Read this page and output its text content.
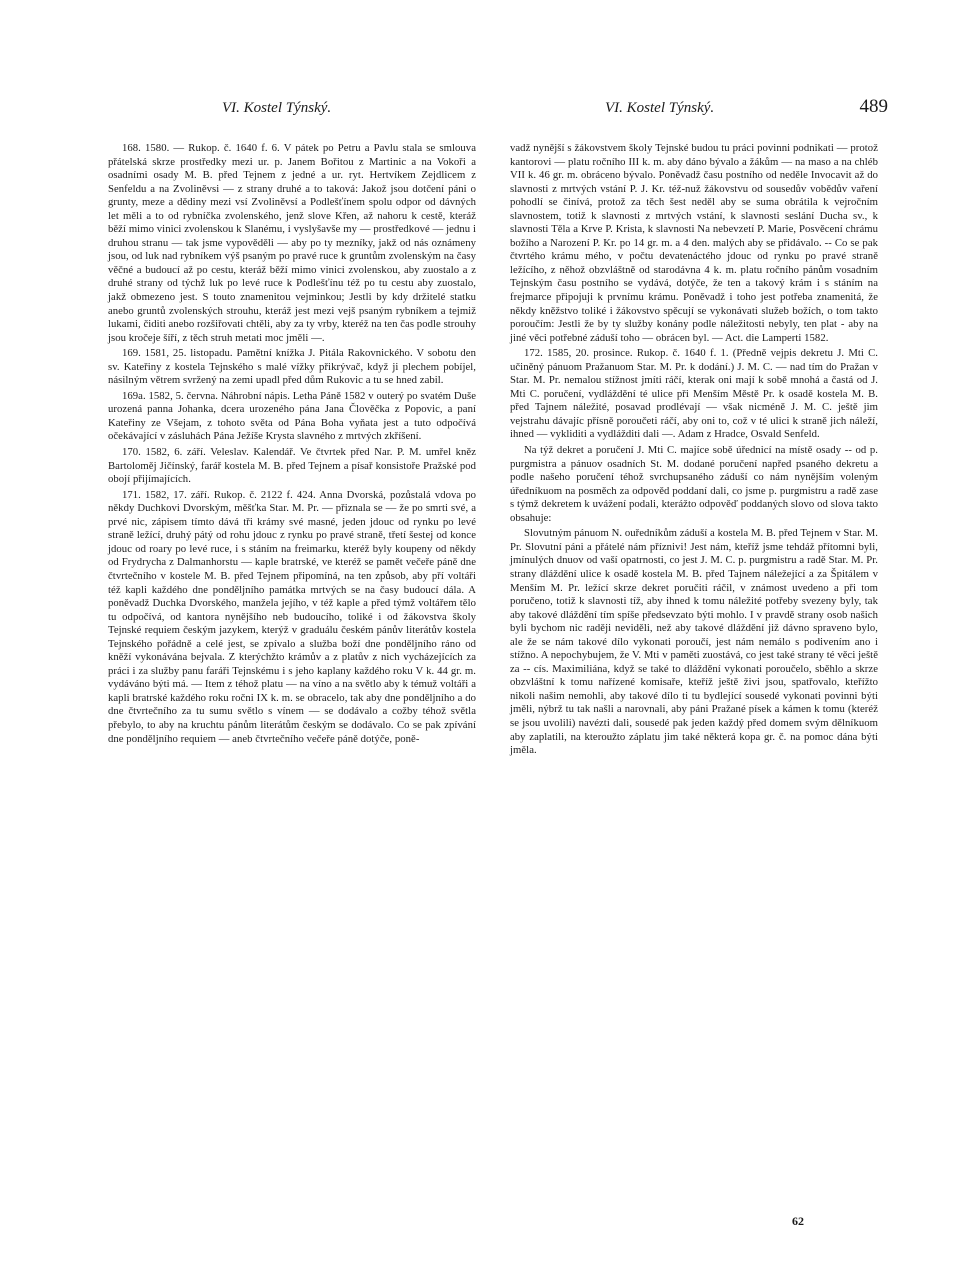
VI. Kostel Týnský.	VI. Kostel Týnský.	489

168. 1580. — Rukop. č. 1640 f. 6. V pátek po Petru a Pavlu stala se smlouva přátelská skrze prostředky mezi ur. p. Janem Bořitou z Martinic a na Vokoři a osadními osady M. B. před Tejnem z jedné a ur. ryt. Hertvíkem Zejdlicem z Senfeldu a na Zvoliněvsi — z strany druhé a to taková: Jakož jsou dotčení páni o grunty, meze a dědiny mezi vsí Zvoliněvsí a Podlešťínem spolu odpor od dávných let měli a to od rybníčka zvolenského, jenž slove Křen, až nahoru k cestě, kteráž běží mimo vinici zvolenskou k Slanému, i vyslyšavše my — prostředkové — jednu i druhou stranu — tak jsme vypověděli — aby po ty mezníky, jakž od nás oznámeny jsou, od luk nad rybníkem výš psaným po pravé ruce k gruntům zvolenským na časy věčné a budoucí až po cestu, kteráž běží mimo vinici zvolenskou, aby zuostalo a z druhé strany od týchž luk po levé ruce k Podlešťínu též po tu cestu aby zuostalo, jakž obmezeno jest. S touto znamenitou vejminkou; Jestli by kdy držitelé statku anebo gruntů zvolenských strouhu, kteráž jest mezi vejš psaným rybníkem a tejmiž lukami, čiditi anebo rozšiřovati chtěli, aby za ty vrby, kteréž na ten čas podle strouhy jsou kročeje šíří, z těch struh metati moc jměli —.

169. 1581, 25. listopadu. Pamětní knížka J. Pitála Rakovnického. V sobotu den sv. Kateřiny z kostela Tejnského s malé vížky přikrývač, když ji plechem pobíjel, násilným větrem svržený na zemi upadl před dům Rukovic a tu se hned zabil.

169a. 1582, 5. června. Náhrobní nápis. Letha Páně 1582 v outerý po svatém Duše urozená panna Johanka, dcera urozeného pána Jana Člověčka z Popovic, a paní Kateřiny ze Všejam, z tohoto světa od Pána Boha vyňata jest a tuto odpočívá očekávající v zásluhách Pána Ježíše Krysta slavného z mrtvých zkříšení.

170. 1582, 6. září. Veleslav. Kalendář. Ve čtvrtek před Nar. P. M. umřel kněz Bartoloměj Jičínský, farář kostela M. B. před Tejnem a písař konsistoře Pražské pod obojí přijímajících.

171. 1582, 17. září. Rukop. č. 2122 f. 424. Anna Dvorská, pozůstalá vdova po někdy Duchkovi Dvorským, měšťka Star. M. Pr. — přiznala se — že po smrti své, a prvé nic, zápisem tímto dává tři krámy své masné, jeden jdouc od rynku po levé straně ležící, druhý pátý od rohu jdouc z rynku po pravé straně, třetí šestej od konce jdouc od roary po levé ruce, i s stáním na freimarku, kteréž byly koupeny od někdy od Frydrycha z Dalmanhorstu — kaple bratrské, ve kteréž se pamět večeře páně dne čtvrtečního v kostele M. B. před Tejnem připomíná, na ten způsob, aby pří voltáři též kapli každého dne ponděljního památka mrtvých se na časy budoucí dála. A poněvadž Duchka Dvorského, manžela jejího, v též kaple a před týmž voltářem tělo tu odpočívá, od kantora nynějšího neb budoucího, toliké i od žákovstva školy Tejnské requiem českým jazykem, kterýž v graduálu českém pánův literátův kostela Tejnského pořádně a celé jest, se zpívalo a služba boží dne ponděljního ráno od kněží vykonávána bejvala. Z kterýchžto krámův a z platův z nich vycházejících za práci i za služby panu faráři Tejnskému i s jeho kaplany každého roku V k. 44 gr. m. vydáváno býti má. — Item z téhož platu — na víno a na světlo aby k témuž voltáři a kapli bratrské každého roku ročni IX k. m. se obracelo, tak aby dne ponděljního a do dne čtvrtečního za tu sumu světlo s vínem — se dodávalo a cožby téhož světla přebylo, to aby na kruchtu pánům literátům českým se dodávalo. Co se pak zpívání dne ponděljního requiem — aneb čtvrtečního večeře páně dotýče, poně-

vadž nynější s žákovstvem školy Tejnské budou tu práci povinni podnikati — protož kantorovi — platu ročního III k. m. aby dáno bývalo a žákům — na maso a na chléb VII k. 46 gr. m. obráceno bývalo. Poněvadž času postního od neděle Invocavit až do slavnosti z mrtvých vstání P. J. Kr. též-nuž žákovstvu od sousedův vobědův vaření pohodlí se činívá, protož za těch šest neděl aby se suma obrátila k vejročním slavnostem, totiž k slavnosti z mrtvých vstání, k slavnosti seslání Ducha sv., k slavnosti Těla a Krve P. Krista, k slavnosti Na nebevzetí P. Marie, Posvěcení chrámu božího a Narození P. Kr. po 14 gr. m. a 4 den. malých aby se přidávalo. -- Co se pak čtvrtého krámu mého, v počtu devatenáctého jdouc od rynku po pravé straně ležícího, z něhož obzvláštně od starodávna 4 k. m. platu ročního pánům vosadním Tejnským času postního se vydává, dotýče, že ten a takový krám i s stáním na frejmarce připojuji k prvnímu krámu. Poněvadž i toho jest potřeba znamenitá, že někdy kněžstvo toliké i žákovstvo spěcují se vykonávati služeb božích, o tom takto poroučím: Jestli že by ty služby konány podle náležitosti nebyly, ten plat - aby na jiné věci potřebné záduší toho — obrácen byl. — Act. die Lamperti 1582.

172. 1585, 20. prosince. Rukop. č. 1640 f. 1. (Předně vejpis dekretu J. Mti C. učiněný pánuom Pražanuom Star. M. Pr. k dodání.) J. M. C. — nad tím do Pražan v Star. M. Pr. nemalou stížnost jmíti ráčí, kterak oni mají k sobě mnohá a častá od J. Mti C. poručení, vydláždění té ulice při Menším Městě Pr. k osadě kostela M. B. před Tajnem náležité, posavad prodlévají — však nicméně J. M. C. ještě jim vejstrahu dávajíc přísně poroučeti ráčí, aby oni to, což v té ulici k straně jich náleží, ihned — vykliditi a vydlážditi dali —. Adam z Hradce, Osvald Senfeld.

Na týž dekret a poručení J. Mti C. majíce sobě úřednicí na místě osady -- od p. purgmistra a pánuov osadních St. M. dodané poručení napřed psaného dekretu a podle našeho poručení téhož svrchupsaného záduší co nám nynějším voleným úředníkuom na posměch za odpověd poddaní dali, co jsme p. purgmistru a radě zase s týmž dekretem k uvážení podali, kterážto odpověď poddaných slovo od slova takto obsahuje:

Slovutným pánuom N. ouředníkům záduší a kostela M. B. před Tejnem v Star. M. Pr. Slovutní páni a přátelé nám příznivi! Jest nám, kteříž jsme tehdáž přítomni byli, jmínulých dnuov od vaší opatrnosti, co jest J. M. C. p. purgmistru a radě Star. M. Pr. strany dláždění ulice k osadě kostela M. B. před Tajnem náležející a za Špitálem v Menším M. Pr. ležící skrze dekret poručiti ráčil, v známost uvedeno a při tom poručeno, totiž k slavnosti tíž, aby ihned k tomu náležité potřeby svezeny byly, tak aby takové dláždění tím spíše předsevzato býti mohlo. I v pravdě strany osob našich byli bychom nic raději neviděli, než aby takové dláždění již dávno spraveno bylo, ale že se nám takové dílo vykonati poroučí, jest nám nemálo s podivením ano i stížno. A nepochybujem, že V. Mti v paměti zuostává, co jest také strany té věci ještě za -- cís. Maximiliána, když se také to dláždění vykonati poroučelo, sběhlo a skrze obzvláštní k tomu nařízené komisaře, kteříž ještě živi jsou, spatřovalo, kteřížto nikoli našim nemohli, aby takové dílo ti tu bydlející sousedé vykonati povinni býti jměli, nýbrž tu tak našli a narovnali, aby páni Pražané písek a kámen k tomu (kteréž se jsou uvolili) navézti dali, sousedé pak jeden každý před domem svým dělníkuom aby zaplatili, na kteroužto záplatu jim také některá kopa gr. č. na pomoc dána býti jměla.

62
